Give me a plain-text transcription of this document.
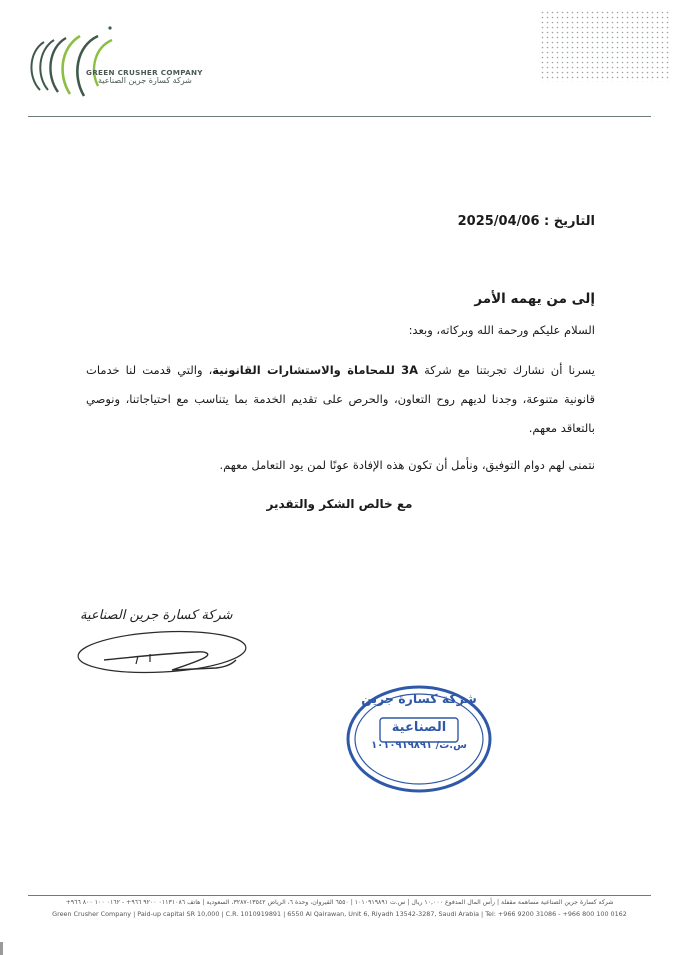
GREEN CRUSHER COMPANY
شركة كسارة جرين الصناعية
التاريخ : 2025/04/06
إلى من يهمه الأمر
السلام عليكم ورحمة الله وبركاته، وبعد:
يسرنا أن نشارك تجربتنا مع شركة 3A للمحاماة والاستشارات القانونية، والتي قدمت لنا خدمات قانونية متنوعة، وجدنا لديهم روح التعاون، والحرص على تقديم الخدمة بما يتناسب مع احتياجاتنا، ونوصي بالتعاقد معهم.
نتمنى لهم دوام التوفيق، ونأمل أن تكون هذه الإفادة عونًا لمن يود التعامل معهم.
مع خالص الشكر والتقدير
شركة كسارة جرين الصناعية
شركة كسارة جرين
الصناعية
س.ت/ ١٠١٠٩١٩٨٩١
شركة كسارة جرين الصناعية مساهمة مقفلة | رأس المال المدفوع ١٠,٠٠٠ ريال | س.ت ١٠١٠٩١٩٨٩١ | ٦٥٥٠ القيروان، وحدة ٦، الرياض ١٣٥٤٢-٣٢٨٧، السعودية | هاتف ٠١١٣١٠٨٦ ٩٢٠٠ ٩٦٦+ - ٠١٦٢ ١٠٠ ٨٠٠ ٩٦٦+
Green Crusher Company | Paid-up capital SR 10,000 | C.R. 1010919891 | 6550 Al Qairawan, Unit 6, Riyadh 13542-3287, Saudi Arabia | Tel: +966 9200 31086 - +966 800 100 0162
